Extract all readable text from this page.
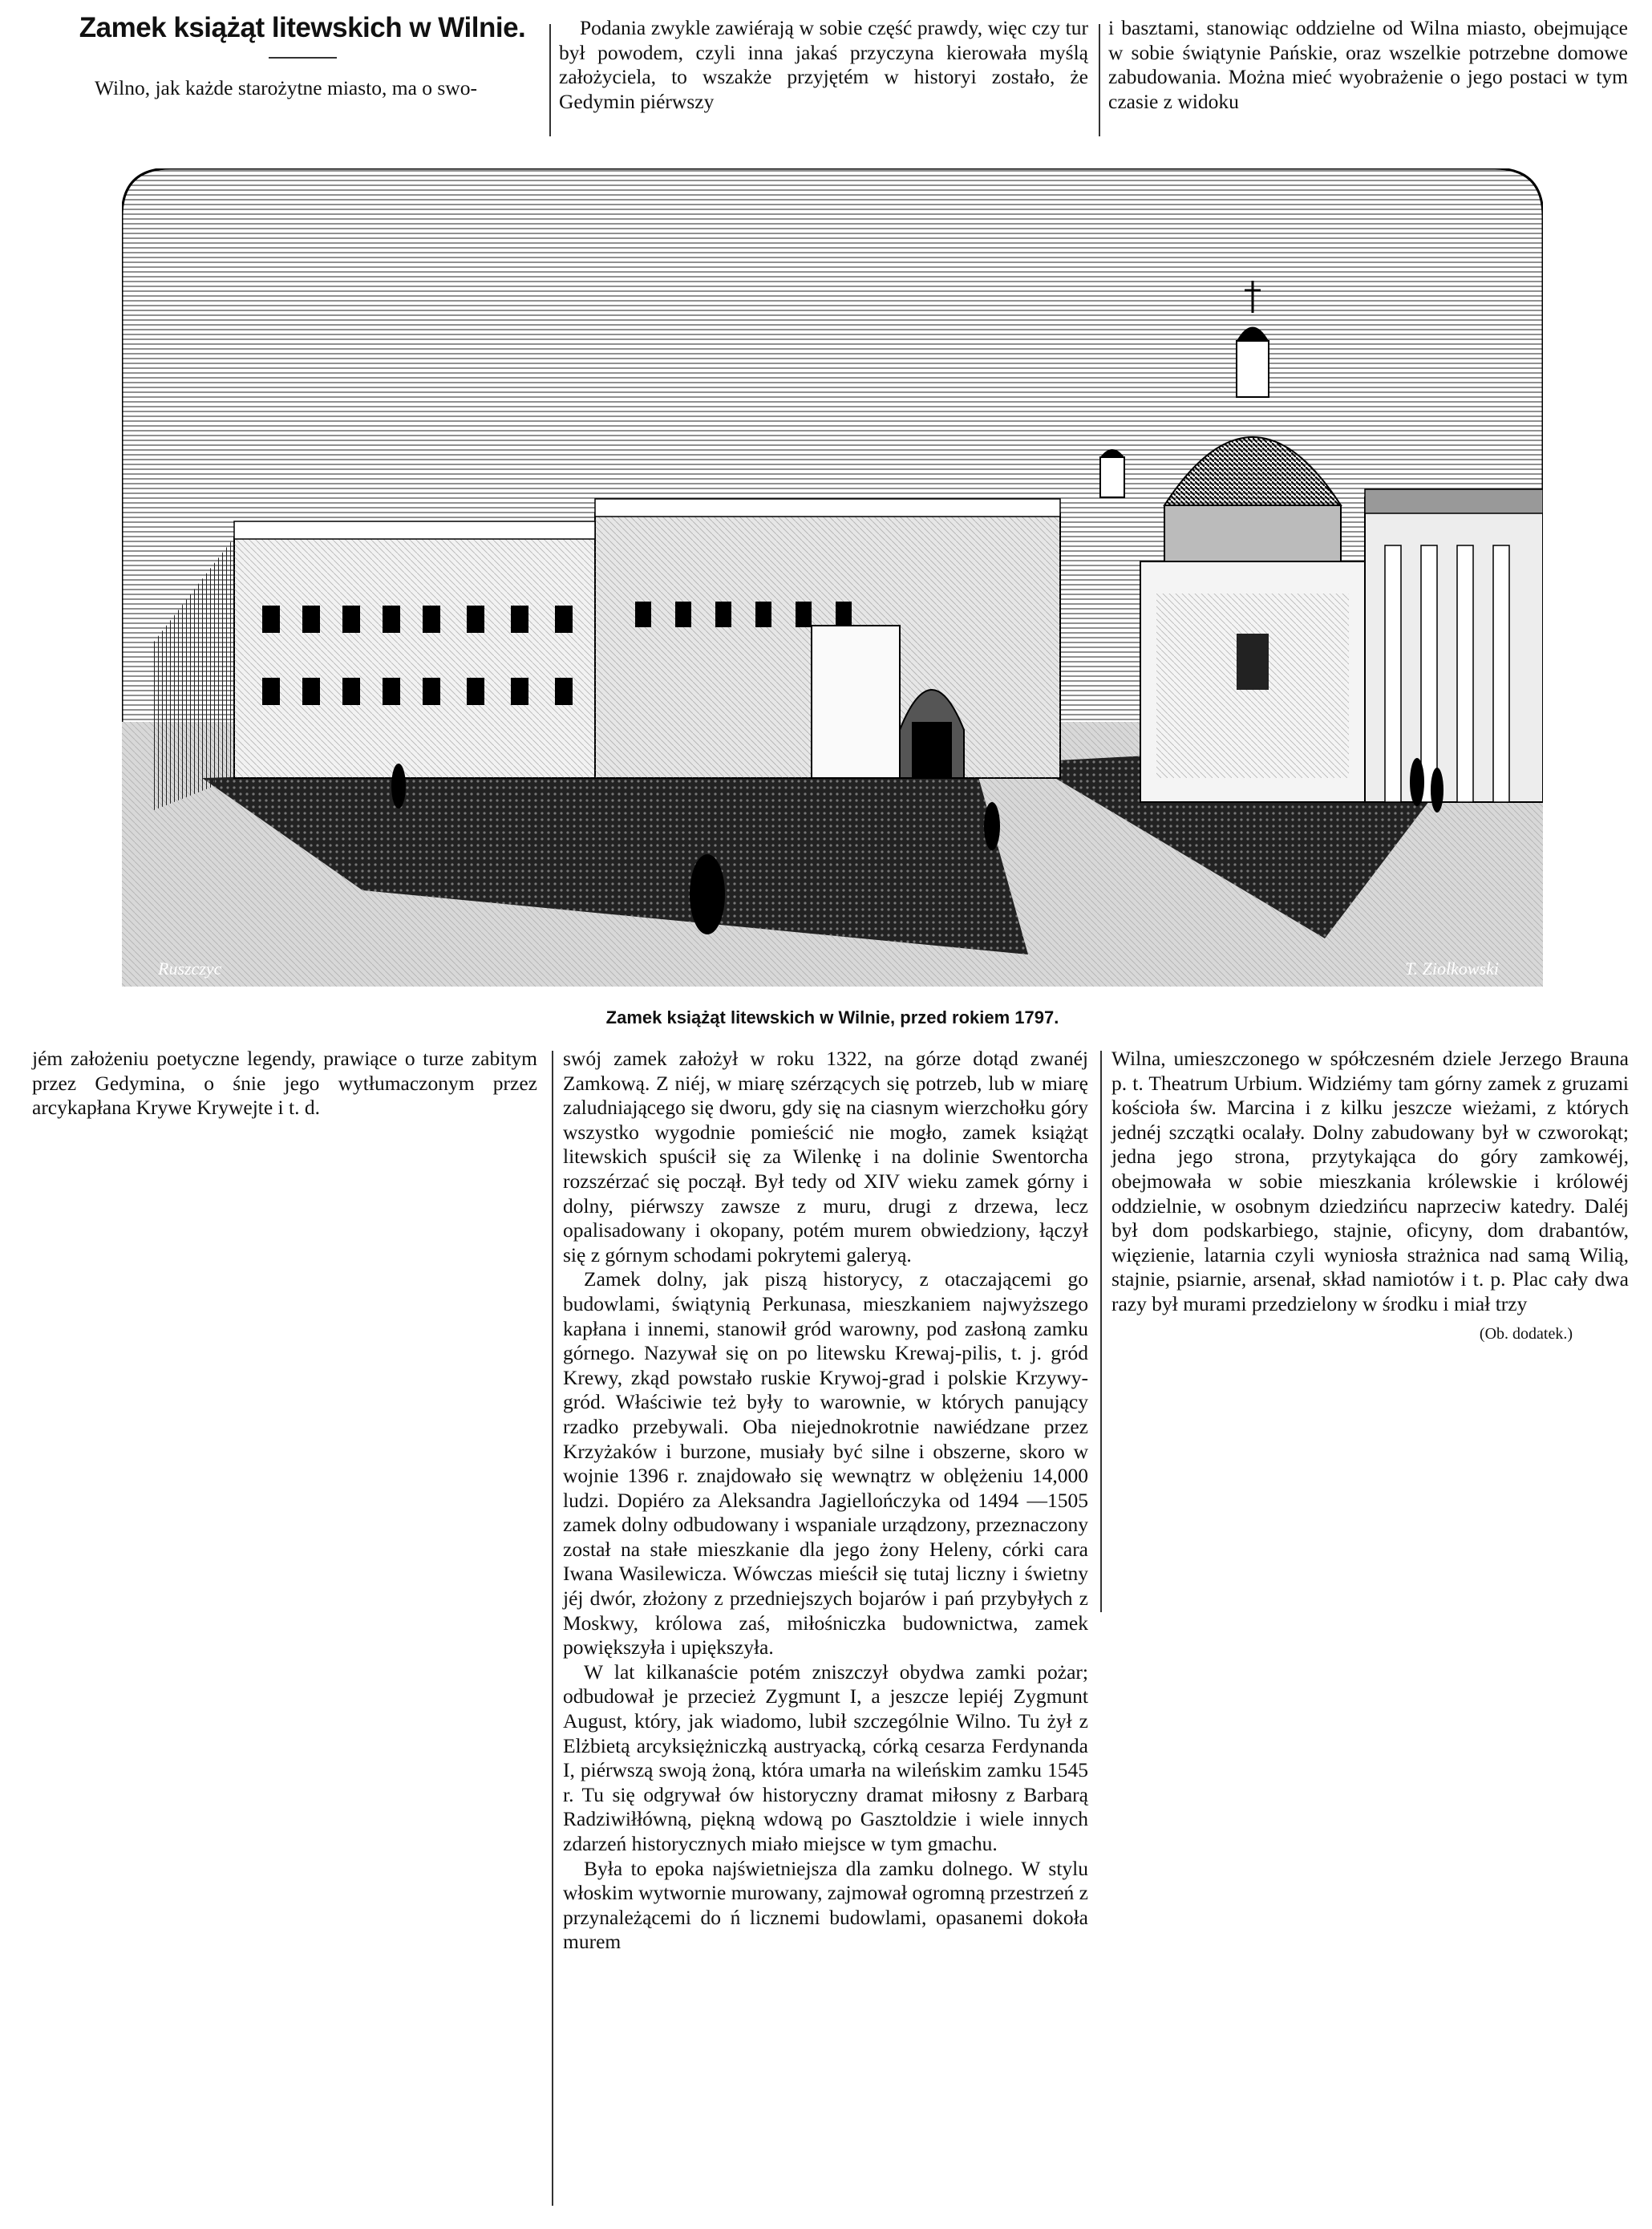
Zamek książąt litewskich w Wilnie.

Wilno, jak każde starożytne miasto, ma o swo-

Podania zwykle zawiérają w sobie część prawdy, więc czy tur był powodem, czyli inna jakaś przyczyna kierowała myślą założyciela, to wszakże przyjętém w historyi zostało, że Gedymin piérwszy

i basztami, stanowiąc oddzielne od Wilna miasto, obejmujące w sobie świątynie Pańskie, oraz wszelkie potrzebne domowe zabudowania. Można mieć wyobrażenie o jego postaci w tym czasie z widoku

Ruszczyc	T. Ziolkowski
Zamek książąt litewskich w Wilnie, przed rokiem 1797.

jém założeniu poetyczne legendy, prawiące o turze zabitym przez Gedymina, o śnie jego wytłumaczonym przez arcykapłana Krywe Krywejte i t. d.

swój zamek założył w roku 1322, na górze dotąd zwanéj Zamkową. Z niéj, w miarę szérzących się potrzeb, lub w miarę zaludniającego się dworu, gdy się na ciasnym wierzchołku góry wszystko wygodnie pomieścić nie mogło, zamek książąt litewskich spuścił się za Wilenkę i na dolinie Swentorcha rozszérzać się począł. Był tedy od XIV wieku zamek górny i dolny, piérwszy zawsze z muru, drugi z drzewa, lecz opalisadowany i okopany, potém murem obwiedziony, łączył się z górnym schodami pokrytemi galeryą.

Zamek dolny, jak piszą historycy, z otaczającemi go budowlami, świątynią Perkunasa, mieszkaniem najwyższego kapłana i innemi, stanowił gród warowny, pod zasłoną zamku górnego. Nazywał się on po litewsku Krewaj-pilis, t. j. gród Krewy, zkąd powstało ruskie Krywoj-grad i polskie Krzywy-gród. Właściwie też były to warownie, w których panujący rzadko przebywali. Oba niejednokrotnie nawiédzane przez Krzyżaków i burzone, musiały być silne i obszerne, skoro w wojnie 1396 r. znajdowało się wewnątrz w oblężeniu 14,000 ludzi. Dopiéro za Aleksandra Jagiellończyka od 1494 —1505 zamek dolny odbudowany i wspaniale urządzony, przeznaczony został na stałe mieszkanie dla jego żony Heleny, córki cara Iwana Wasilewicza. Wówczas mieścił się tutaj liczny i świetny jéj dwór, złożony z przedniejszych bojarów i pań przybyłych z Moskwy, królowa zaś, miłośniczka budownictwa, zamek powiększyła i upiększyła.

W lat kilkanaście potém zniszczył obydwa zamki pożar; odbudował je przecież Zygmunt I, a jeszcze lepiéj Zygmunt August, który, jak wiadomo, lubił szczególnie Wilno. Tu żył z Elżbietą arcyksiężniczką austryacką, córką cesarza Ferdynanda I, piérwszą swoją żoną, która umarła na wileńskim zamku 1545 r. Tu się odgrywał ów historyczny dramat miłosny z Barbarą Radziwiłłówną, piękną wdową po Gasztoldzie i wiele innych zdarzeń historycznych miało miejsce w tym gmachu.

Była to epoka najświetniejsza dla zamku dolnego. W stylu włoskim wytwornie murowany, zajmował ogromną przestrzeń z przynależącemi do ń licznemi budowlami, opasanemi dokoła murem

Wilna, umieszczonego w spółczesném dziele Jerzego Brauna p. t. Theatrum Urbium. Widziémy tam górny zamek z gruzami kościoła św. Marcina i z kilku jeszcze wieżami, z których jednéj szczątki ocalały. Dolny zabudowany był w czworokąt; jedna jego strona, przytykająca do góry zamkowéj, obejmowała w sobie mieszkania królewskie i królowéj oddzielnie, w osobnym dziedzińcu naprzeciw katedry. Daléj był dom podskarbiego, stajnie, oficyny, dom drabantów, więzienie, latarnia czyli wyniosła strażnica nad samą Wilią, stajnie, psiarnie, arsenał, skład namiotów i t. p. Plac cały dwa razy był murami przedzielony w środku i miał trzy

(Ob. dodatek.)
